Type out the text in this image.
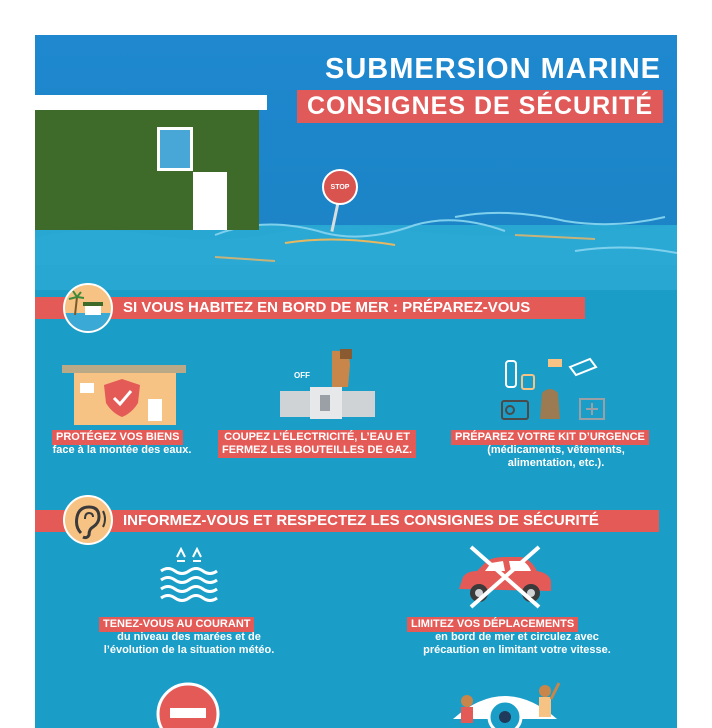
STOP
SUBMERSION MARINE
CONSIGNES DE SÉCURITÉ
SI VOUS HABITEZ EN BORD DE MER : PRÉPAREZ-VOUS
PROTÉGEZ VOS BIENS
face à la montée des eaux.
OFF
COUPEZ L’ÉLECTRICITÉ, L’EAU ET
FERMEZ LES BOUTEILLES DE GAZ.
PRÉPAREZ VOTRE KIT D’URGENCE
(médicaments, vêtements,
alimentation, etc.).
INFORMEZ-VOUS ET RESPECTEZ LES CONSIGNES DE SÉCURITÉ
TENEZ-VOUS AU COURANT
du niveau des marées et de
l’évolution de la situation météo.
LIMITEZ VOS DÉPLACEMENTS
en bord de mer et circulez avec
précaution en limitant votre vitesse.
